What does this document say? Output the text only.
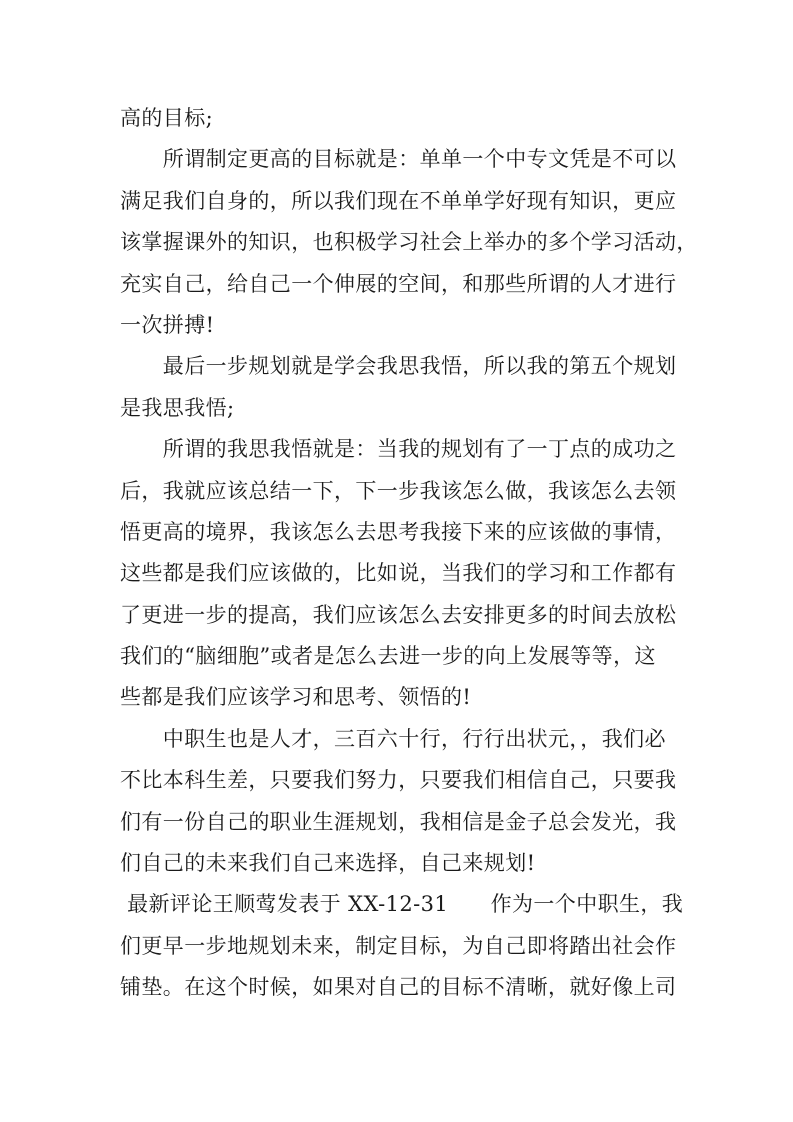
高的目标;
　　所谓制定更高的目标就是：单单一个中专文凭是不可以
满足我们自身的，所以我们现在不单单学好现有知识，更应
该掌握课外的知识，也积极学习社会上举办的多个学习活动，
充实自己，给自己一个伸展的空间，和那些所谓的人才进行
一次拼搏!
　　最后一步规划就是学会我思我悟，所以我的第五个规划
是我思我悟;
　　所谓的我思我悟就是：当我的规划有了一丁点的成功之
后，我就应该总结一下，下一步我该怎么做，我该怎么去领
悟更高的境界，我该怎么去思考我接下来的应该做的事情，
这些都是我们应该做的，比如说，当我们的学习和工作都有
了更进一步的提高，我们应该怎么去安排更多的时间去放松
我们的“脑细胞”或者是怎么去进一步的向上发展等等，这
些都是我们应该学习和思考、领悟的!
　　中职生也是人才，三百六十行，行行出状元，，我们必
不比本科生差，只要我们努力，只要我们相信自己，只要我
们有一份自己的职业生涯规划，我相信是金子总会发光，我
们自己的未来我们自己来选择，自己来规划!
最新评论王顺莺发表于 XX-12-31      作为一个中职生，我
们更早一步地规划未来，制定目标，为自己即将踏出社会作
铺垫。在这个时候，如果对自己的目标不清晰，就好像上司
